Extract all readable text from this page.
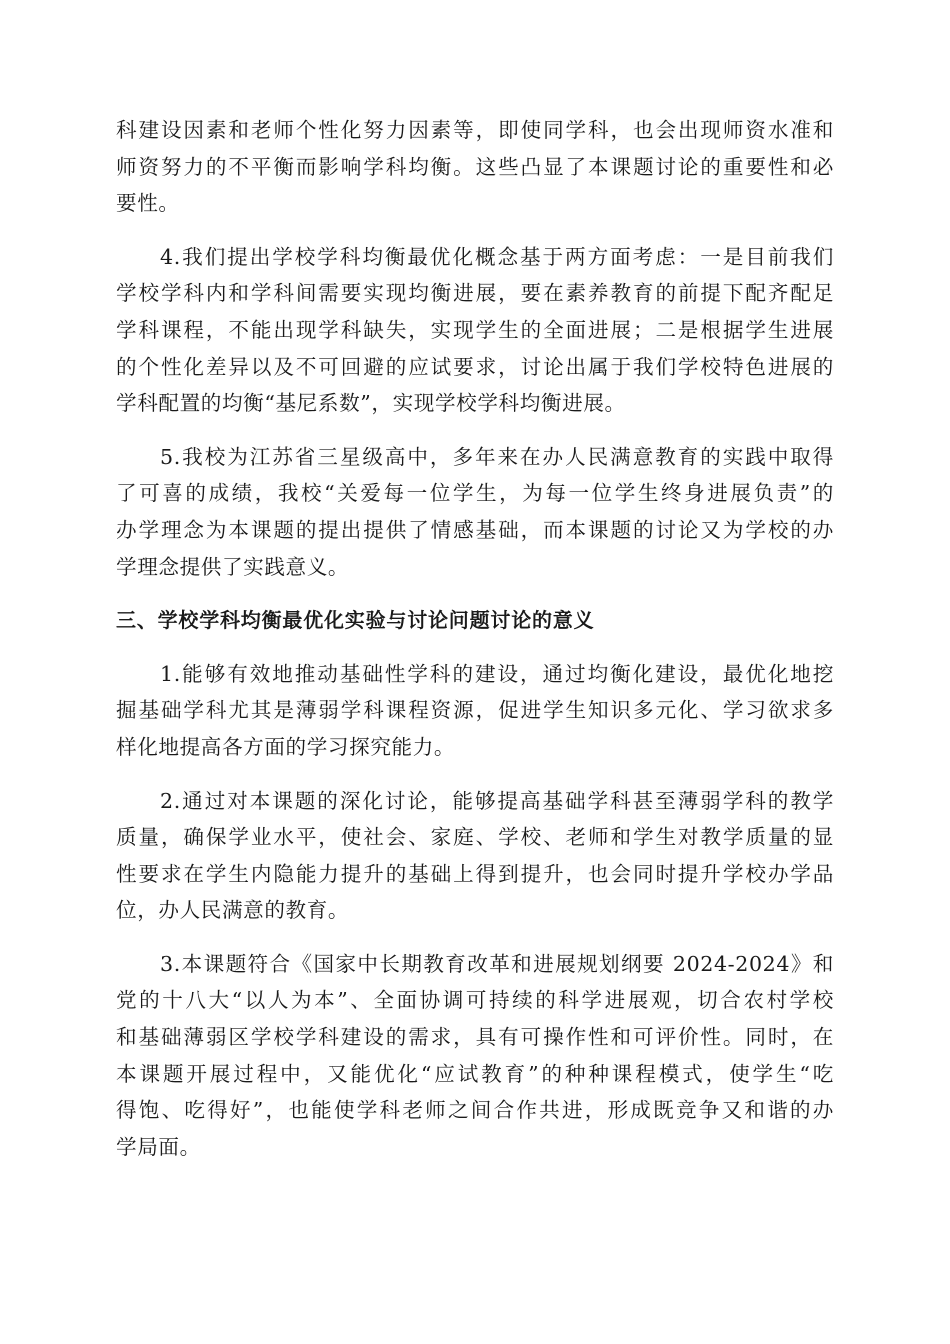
科建设因素和老师个性化努力因素等，即使同学科，也会出现师资水准和
师资努力的不平衡而影响学科均衡。这些凸显了本课题讨论的重要性和必
要性。
4.我们提出学校学科均衡最优化概念基于两方面考虑：一是目前我们
学校学科内和学科间需要实现均衡进展，要在素养教育的前提下配齐配足
学科课程，不能出现学科缺失，实现学生的全面进展；二是根据学生进展
的个性化差异以及不可回避的应试要求，讨论出属于我们学校特色进展的
学科配置的均衡“基尼系数”，实现学校学科均衡进展。
5.我校为江苏省三星级高中，多年来在办人民满意教育的实践中取得
了可喜的成绩，我校“关爱每一位学生，为每一位学生终身进展负责”的
办学理念为本课题的提出提供了情感基础，而本课题的讨论又为学校的办
学理念提供了实践意义。
三、学校学科均衡最优化实验与讨论问题讨论的意义
1.能够有效地推动基础性学科的建设，通过均衡化建设，最优化地挖
掘基础学科尤其是薄弱学科课程资源，促进学生知识多元化、学习欲求多
样化地提高各方面的学习探究能力。
2.通过对本课题的深化讨论，能够提高基础学科甚至薄弱学科的教学
质量，确保学业水平，使社会、家庭、学校、老师和学生对教学质量的显
性要求在学生内隐能力提升的基础上得到提升，也会同时提升学校办学品
位，办人民满意的教育。
3.本课题符合《国家中长期教育改革和进展规划纲要 2024-2024》和
党的十八大“以人为本”、全面协调可持续的科学进展观，切合农村学校
和基础薄弱区学校学科建设的需求，具有可操作性和可评价性。同时，在
本课题开展过程中，又能优化“应试教育”的种种课程模式，使学生“吃
得饱、吃得好”，也能使学科老师之间合作共进，形成既竞争又和谐的办
学局面。
